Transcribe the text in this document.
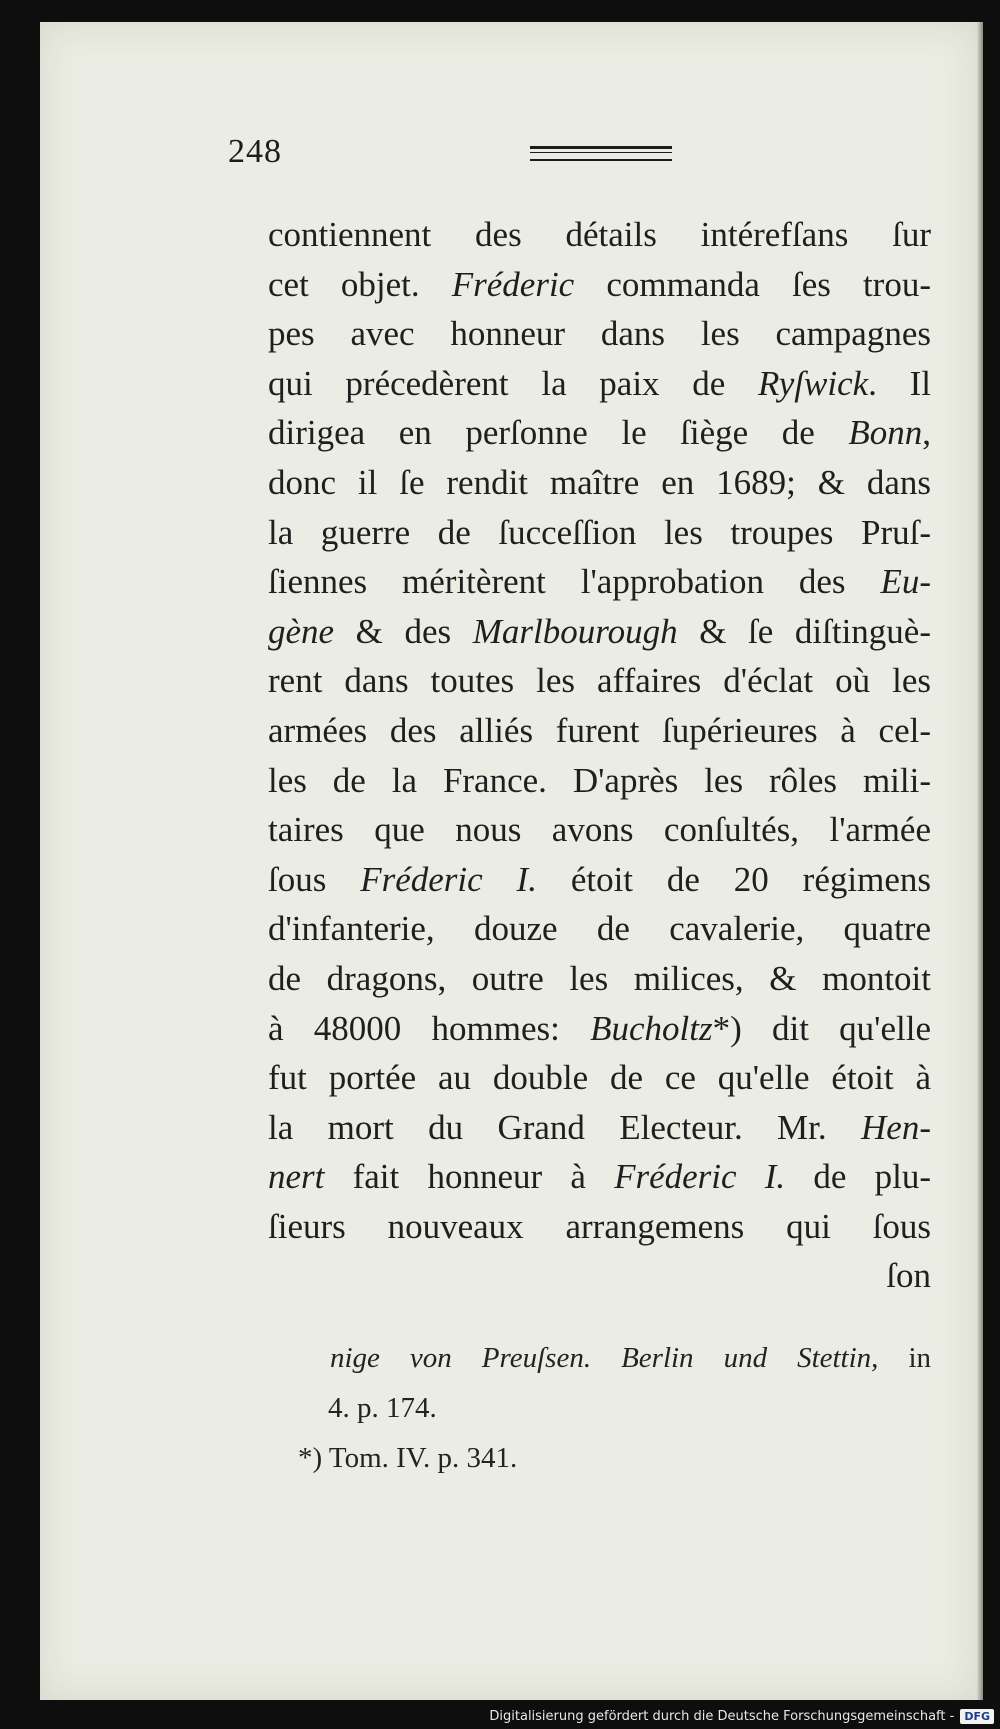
248
contiennent des détails intérefſans ſur
cet objet. Fréderic commanda ſes trou-
pes avec honneur dans les campagnes
qui précedèrent la paix de Ryſwick. Il
dirigea en perſonne le ſiège de Bonn,
donc il ſe rendit maître en 1689; & dans
la guerre de ſucceſſion les troupes Pruſ-
ſiennes méritèrent l'approbation des Eu-
gène & des Marlbourough & ſe diſtinguè-
rent dans toutes les affaires d'éclat où les
armées des alliés furent ſupérieures à cel-
les de la France. D'après les rôles mili-
taires que nous avons conſultés, l'armée
ſous Fréderic I. étoit de 20 régimens
d'infanterie, douze de cavalerie, quatre
de dragons, outre les milices, & montoit
à 48000 hommes: Bucholtz*) dit qu'elle
fut portée au double de ce qu'elle étoit à
la mort du Grand Electeur. Mr. Hen-
nert fait honneur à Fréderic I. de plu-
ſieurs nouveaux arrangemens qui ſous
ſon
nige von Preuſsen. Berlin und Stettin, in
4. p. 174.
*) Tom. IV. p. 341.
Digitalisierung gefördert durch die Deutsche Forschungsgemeinschaft - DFG
